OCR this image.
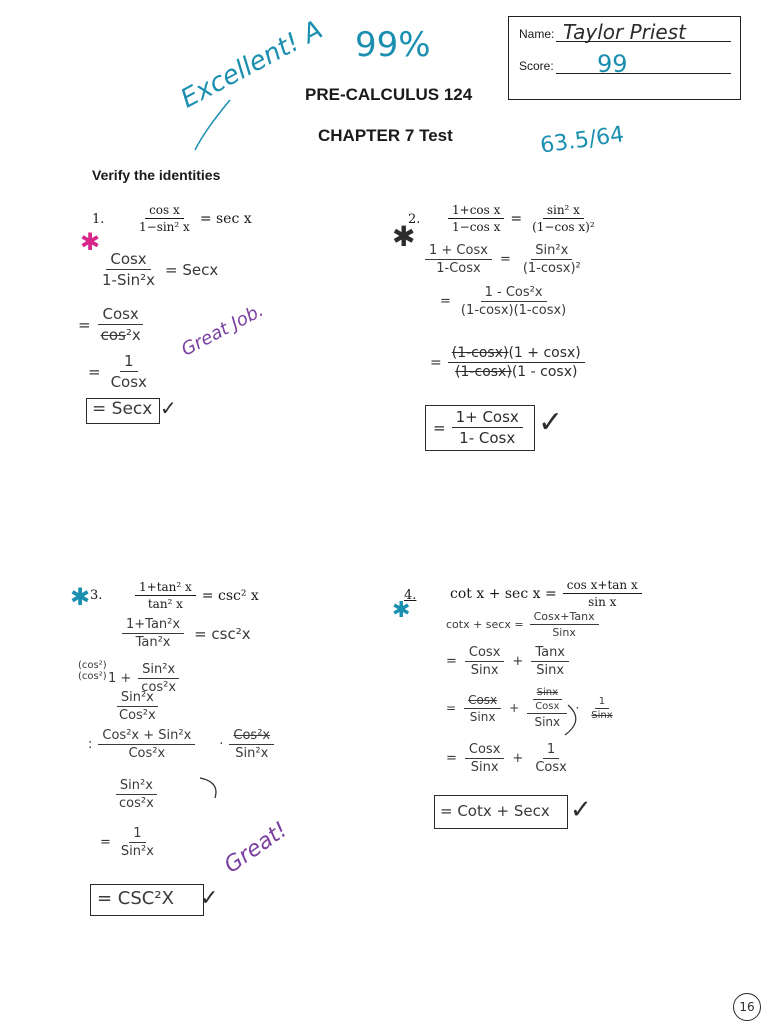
Name: Taylor Priest
Score: 99
PRE-CALCULUS 124
CHAPTER 7 Test
Excellent! A 99%
63.5/64
Verify the identities
1.	$\frac{\text{cos x}}{\text{1−sin² x}} = \sec x$
✱
$\frac{\text{Cosx}}{\text{1-Sin²x}}$ = Secx
= $\frac{\text{Cosx}}{\text{cos²x}}$
= $\frac{1}{\text{Cosx}}$
= Secx ✓
Great Job.
2. $\frac{\text{1+cos x}}{\text{1−cos x}} = \frac{\text{sin² x}}{\text{(1−cos x)²}}$
✱
$\frac{\text{1 + Cosx}}{\text{1-Cosx}} = \frac{\text{Sin²x}}{\text{(1-cosx)²}}$
= $\frac{\text{1 - Cos²x}}{(1-\cos x)(1-\cos x)}$
= $\frac{(1-\cos x)(1 + \cos x)}{(1-\cos x)(1 - \cos x)}$
= $\frac{\text{1+ Cosx}}{\text{1- Cosx}}$ ✓
3.	$\frac{\text{1+tan² x}}{\text{tan² x}} = \csc^2$ x
✱
$\frac{\text{1+Tan²x}}{\text{Tan²x}} = \csc^2x$
(cos²)
(cos²) $1 + \frac{\text{Sin²x}}{\text{cos²x}}$
$\frac{\text{Sin²x}}{\text{Cos²x}}$
: $\frac{\text{Cos²x + Sin²x}}{\text{Cos²x}} \cdot \frac{\text{Cos²x}}{\text{Sin²x}}$
$\frac{\text{Sin²x}}{\text{cos²x}}$
= $\frac{1}{\text{Sin²x}}$
= CSC²X ✓
Great!
4. $\cot x + \sec x = \frac{\text{cos x+tan x}}{\text{sin x}}$
✱
$\cot x + \sec x = \frac{\text{Cosx+Tanx}}{\text{Sinx}}$
= $\frac{\text{Cosx}}{\text{Sinx}} + \frac{\text{Tanx}}{\text{Sinx}}$
= $\frac{\text{Cosx}}{\text{Sinx}} + \frac{\frac{\text{Sinx}}{\text{Cosx}}}{\text{Sinx}} \cdot \frac{1}{\text{Sinx}}$
= $\frac{\text{Cosx}}{\text{Sinx}} + \frac{1}{\text{Cosx}}$
= Cotx + Secx ✓
16
